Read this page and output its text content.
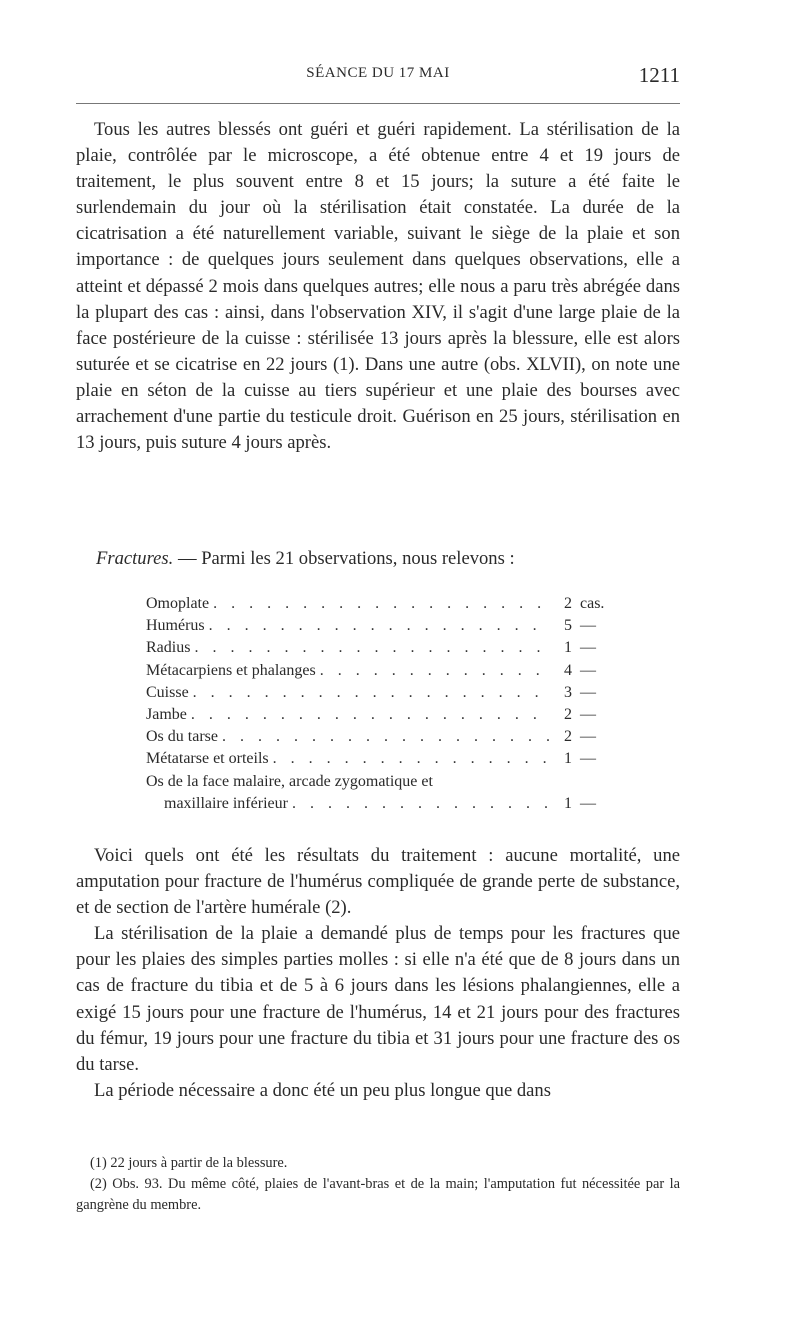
SÉANCE DU 17 MAI	1211

Tous les autres blessés ont guéri et guéri rapidement. La stérilisation de la plaie, contrôlée par le microscope, a été obtenue entre 4 et 19 jours de traitement, le plus souvent entre 8 et 15 jours; la suture a été faite le surlendemain du jour où la stérilisation était constatée. La durée de la cicatrisation a été naturellement variable, suivant le siège de la plaie et son importance : de quelques jours seulement dans quelques observations, elle a atteint et dépassé 2 mois dans quelques autres; elle nous a paru très abrégée dans la plupart des cas : ainsi, dans l'observation XIV, il s'agit d'une large plaie de la face postérieure de la cuisse : stérilisée 13 jours après la blessure, elle est alors suturée et se cicatrise en 22 jours (1). Dans une autre (obs. XLVII), on note une plaie en séton de la cuisse au tiers supérieur et une plaie des bourses avec arrachement d'une partie du testicule droit. Guérison en 25 jours, stérilisation en 13 jours, puis suture 4 jours après.

Fractures. — Parmi les 21 observations, nous relevons :
Omoplate . . .	2 cas.
Humérus . . .	5 —
Radius . . .	1 —
Métacarpiens et phalanges . . .	4 —
Cuisse . . .	3 —
Jambe . . .	2 —
Os du tarse . . .	2 —
Métatarse et orteils . . .	1 —
Os de la face malaire, arcade zygomatique et
maxillaire inférieur . . .	1 —

Voici quels ont été les résultats du traitement : aucune mortalité, une amputation pour fracture de l'humérus compliquée de grande perte de substance, et de section de l'artère humérale (2).

La stérilisation de la plaie a demandé plus de temps pour les fractures que pour les plaies des simples parties molles : si elle n'a été que de 8 jours dans un cas de fracture du tibia et de 5 à 6 jours dans les lésions phalangiennes, elle a exigé 15 jours pour une fracture de l'humérus, 14 et 21 jours pour des fractures du fémur, 19 jours pour une fracture du tibia et 31 jours pour une fracture des os du tarse.

La période nécessaire a donc été un peu plus longue que dans

(1) 22 jours à partir de la blessure.

(2) Obs. 93. Du même côté, plaies de l'avant-bras et de la main; l'amputation fut nécessitée par la gangrène du membre.
